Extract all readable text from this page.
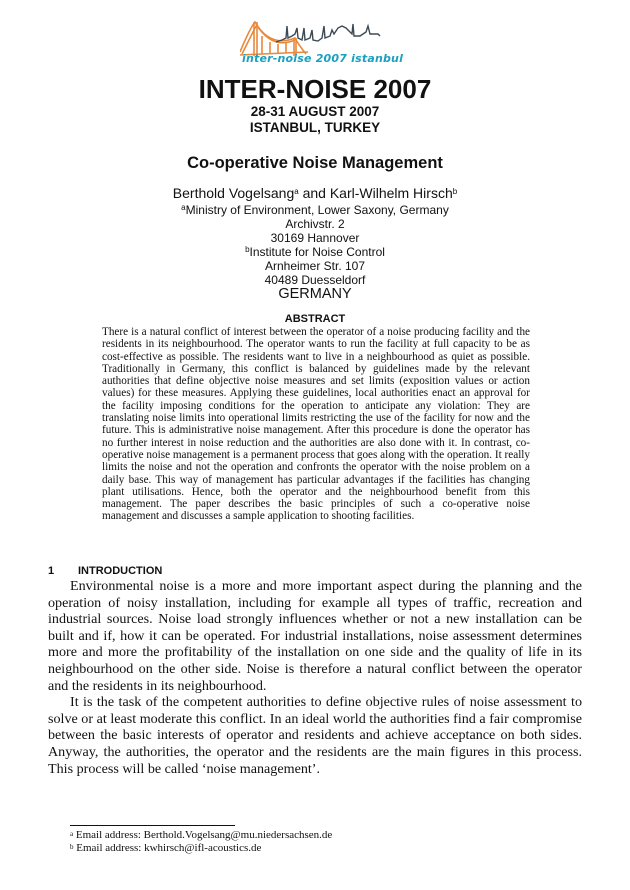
inter-noise 2007 istanbul
INTER-NOISE 2007
28-31 AUGUST 2007
ISTANBUL, TURKEY
Co-operative Noise Management
Berthold Vogelsang$^a$ and Karl-Wilhelm Hirsch$^b$
$^a$Ministry of Environment, Lower Saxony, Germany
Archivstr. 2
30169 Hannover
$^b$Institute for Noise Control
Arnheimer Str. 107
40489 Duesseldorf
GERMANY
ABSTRACT
There is a natural conflict of interest between the operator of a noise producing facility and the residents in its neighbourhood. The operator wants to run the facility at full capacity to be as cost-effective as possible. The residents want to live in a neighbourhood as quiet as possible. Traditionally in Germany, this conflict is balanced by guidelines made by the relevant authorities that define objective noise measures and set limits (exposition values or action values) for these measures. Applying these guidelines, local authorities enact an approval for the facility imposing conditions for the operation to anticipate any violation: They are translating noise limits into operational limits restricting the use of the facility for now and the future. This is administrative noise management. After this procedure is done the operator has no further interest in noise reduction and the authorities are also done with it. In contrast, co-operative noise management is a permanent process that goes along with the operation. It really limits the noise and not the operation and confronts the operator with the noise problem on a daily base. This way of management has particular advantages if the facilities has changing plant utilisations. Hence, both the operator and the neighbourhood benefit from this management. The paper describes the basic principles of such a co-operative noise management and discusses a sample application to shooting facilities.
1 INTRODUCTION

Environmental noise is a more and more important aspect during the planning and the operation of noisy installation, including for example all types of traffic, recreation and industrial sources. Noise load strongly influences whether or not a new installation can be built and if, how it can be operated. For industrial installations, noise assessment determines more and more the profitability of the installation on one side and the quality of life in its neighbourhood on the other side. Noise is therefore a natural conflict between the operator and the residents in its neighbourhood.

It is the task of the competent authorities to define objective rules of noise assessment to solve or at least moderate this conflict. In an ideal world the authorities find a fair compromise between the basic interests of operator and residents and achieve acceptance on both sides. Anyway, the authorities, the operator and the residents are the main figures in this process. This process will be called ‘noise management’.

$^a$ Email address: Berthold.Vogelsang@mu.niedersachsen.de
$^b$ Email address: kwhirsch@ifl-acoustics.de
